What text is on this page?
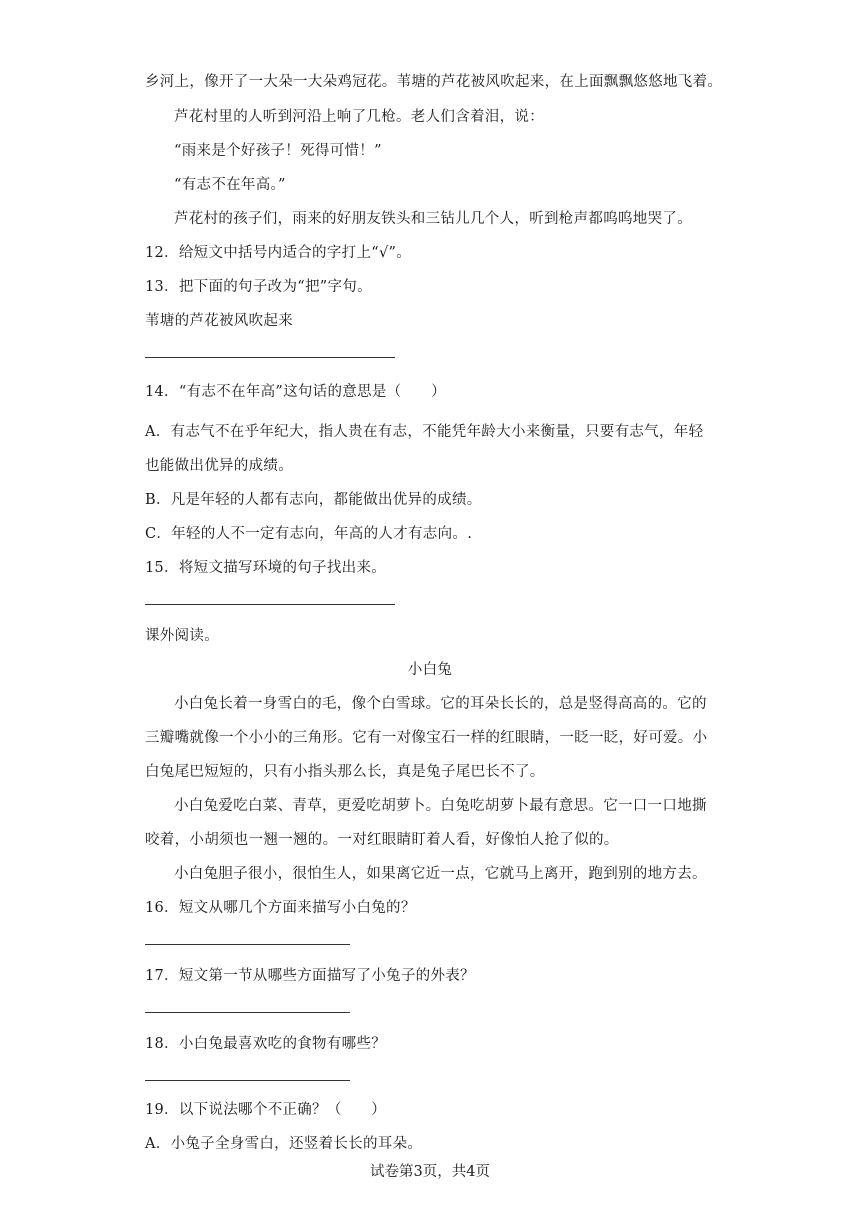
乡河上，像开了一大朵一大朵鸡冠花。苇塘的芦花被风吹起来，在上面飘飘悠悠地飞着。
芦花村里的人听到河沿上响了几枪。老人们含着泪，说：
“雨来是个好孩子！死得可惜！”
“有志不在年高。”
芦花村的孩子们，雨来的好朋友铁头和三钻儿几个人，听到枪声都呜呜地哭了。
12．给短文中括号内适合的字打上“√”。
13．把下面的句子改为“把”字句。
苇塘的芦花被风吹起来
14．“有志不在年高”这句话的意思是（　　）
A．有志气不在乎年纪大，指人贵在有志，不能凭年龄大小来衡量，只要有志气，年轻
也能做出优异的成绩。
B．凡是年轻的人都有志向，都能做出优异的成绩。
C．年轻的人不一定有志向，年高的人才有志向。.
15．将短文描写环境的句子找出来。
课外阅读。
小白兔
小白兔长着一身雪白的毛，像个白雪球。它的耳朵长长的，总是竖得高高的。它的
三瓣嘴就像一个小小的三角形。它有一对像宝石一样的红眼睛，一眨一眨，好可爱。小
白兔尾巴短短的，只有小指头那么长，真是兔子尾巴长不了。
小白兔爱吃白菜、青草，更爱吃胡萝卜。白兔吃胡萝卜最有意思。它一口一口地撕
咬着，小胡须也一翘一翘的。一对红眼睛盯着人看，好像怕人抢了似的。
小白兔胆子很小，很怕生人，如果离它近一点，它就马上离开，跑到别的地方去。
16．短文从哪几个方面来描写小白兔的？
17．短文第一节从哪些方面描写了小兔子的外表？
18．小白兔最喜欢吃的食物有哪些？
19．以下说法哪个不正确？（　　）
A．小兔子全身雪白，还竖着长长的耳朵。
试卷第3页，共4页
